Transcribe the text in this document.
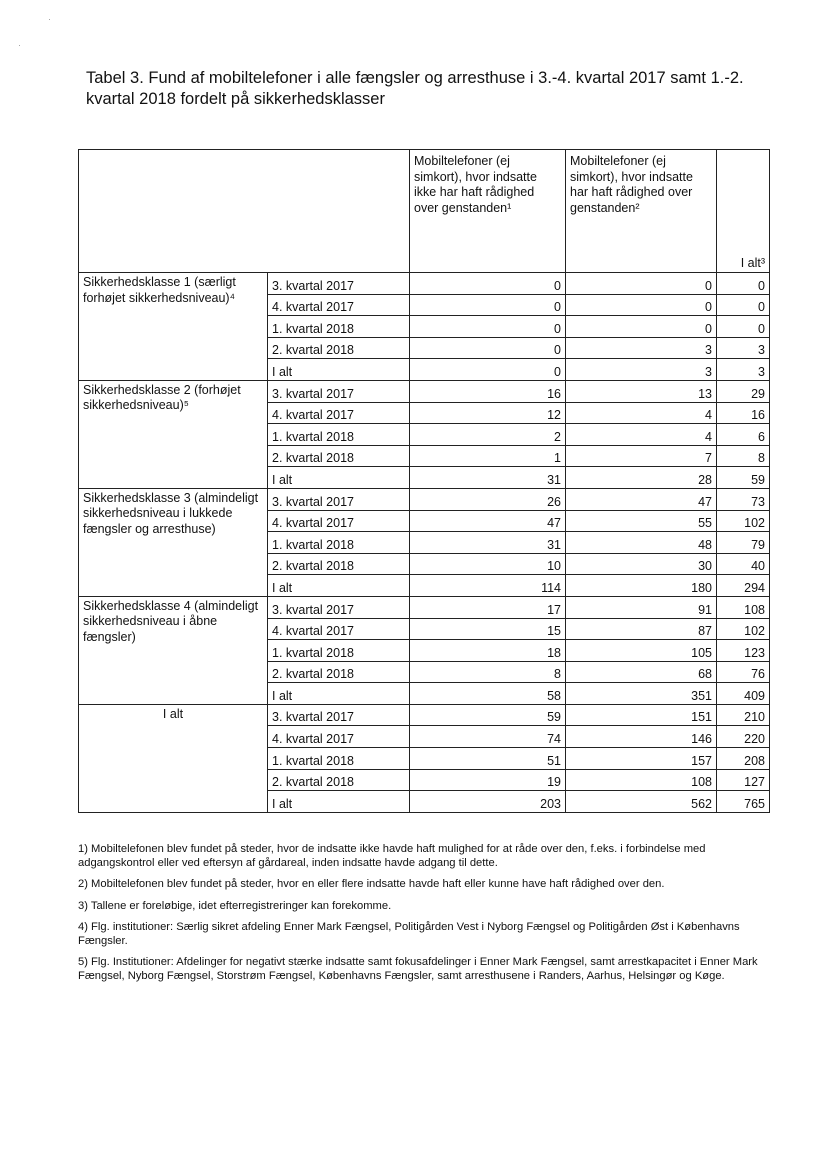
·
·
Tabel 3. Fund af mobiltelefoner i alle fængsler og arresthuse i 3.-4. kvartal 2017 samt 1.-2. kvartal 2018 fordelt på sikkerhedsklasser
		Mobiltelefoner (ej simkort), hvor indsatte ikke har haft rådighed over genstanden¹	Mobiltelefoner (ej simkort), hvor indsatte har haft rådighed over genstanden²	I alt³
Sikkerhedsklasse 1 (særligt forhøjet sikkerhedsniveau)⁴	3. kvartal 2017	0	0	0
	4. kvartal 2017	0	0	0
	1. kvartal 2018	0	0	0
	2. kvartal 2018	0	3	3
	I alt	0	3	3
Sikkerhedsklasse 2 (forhøjet sikkerhedsniveau)⁵	3. kvartal 2017	16	13	29
	4. kvartal 2017	12	4	16
	1. kvartal 2018	2	4	6
	2. kvartal 2018	1	7	8
	I alt	31	28	59
Sikkerhedsklasse 3 (almindeligt sikkerhedsniveau i lukkede fængsler og arresthuse)	3. kvartal 2017	26	47	73
	4. kvartal 2017	47	55	102
	1. kvartal 2018	31	48	79
	2. kvartal 2018	10	30	40
	I alt	114	180	294
Sikkerhedsklasse 4 (almindeligt sikkerhedsniveau i åbne fængsler)	3. kvartal 2017	17	91	108
	4. kvartal 2017	15	87	102
	1. kvartal 2018	18	105	123
	2. kvartal 2018	8	68	76
	I alt	58	351	409
I alt	3. kvartal 2017	59	151	210
	4. kvartal 2017	74	146	220
	1. kvartal 2018	51	157	208
	2. kvartal 2018	19	108	127
	I alt	203	562	765

1) Mobiltelefonen blev fundet på steder, hvor de indsatte ikke havde haft mulighed for at råde over den, f.eks. i forbindelse med adgangskontrol eller ved eftersyn af gårdareal, inden indsatte havde adgang til dette.

2) Mobiltelefonen blev fundet på steder, hvor en eller flere indsatte havde haft eller kunne have haft rådighed over den.

3) Tallene er foreløbige, idet efterregistreringer kan forekomme.

4) Flg. institutioner: Særlig sikret afdeling Enner Mark Fængsel, Politigården Vest i Nyborg Fængsel og Politigården Øst i Københavns Fængsler.

5) Flg. Institutioner: Afdelinger for negativt stærke indsatte samt fokusafdelinger i Enner Mark Fængsel, samt arrestkapacitet i Enner Mark Fængsel, Nyborg Fængsel, Storstrøm Fængsel, Københavns Fængsler, samt arresthusene i Randers, Aarhus, Helsingør og Køge.
